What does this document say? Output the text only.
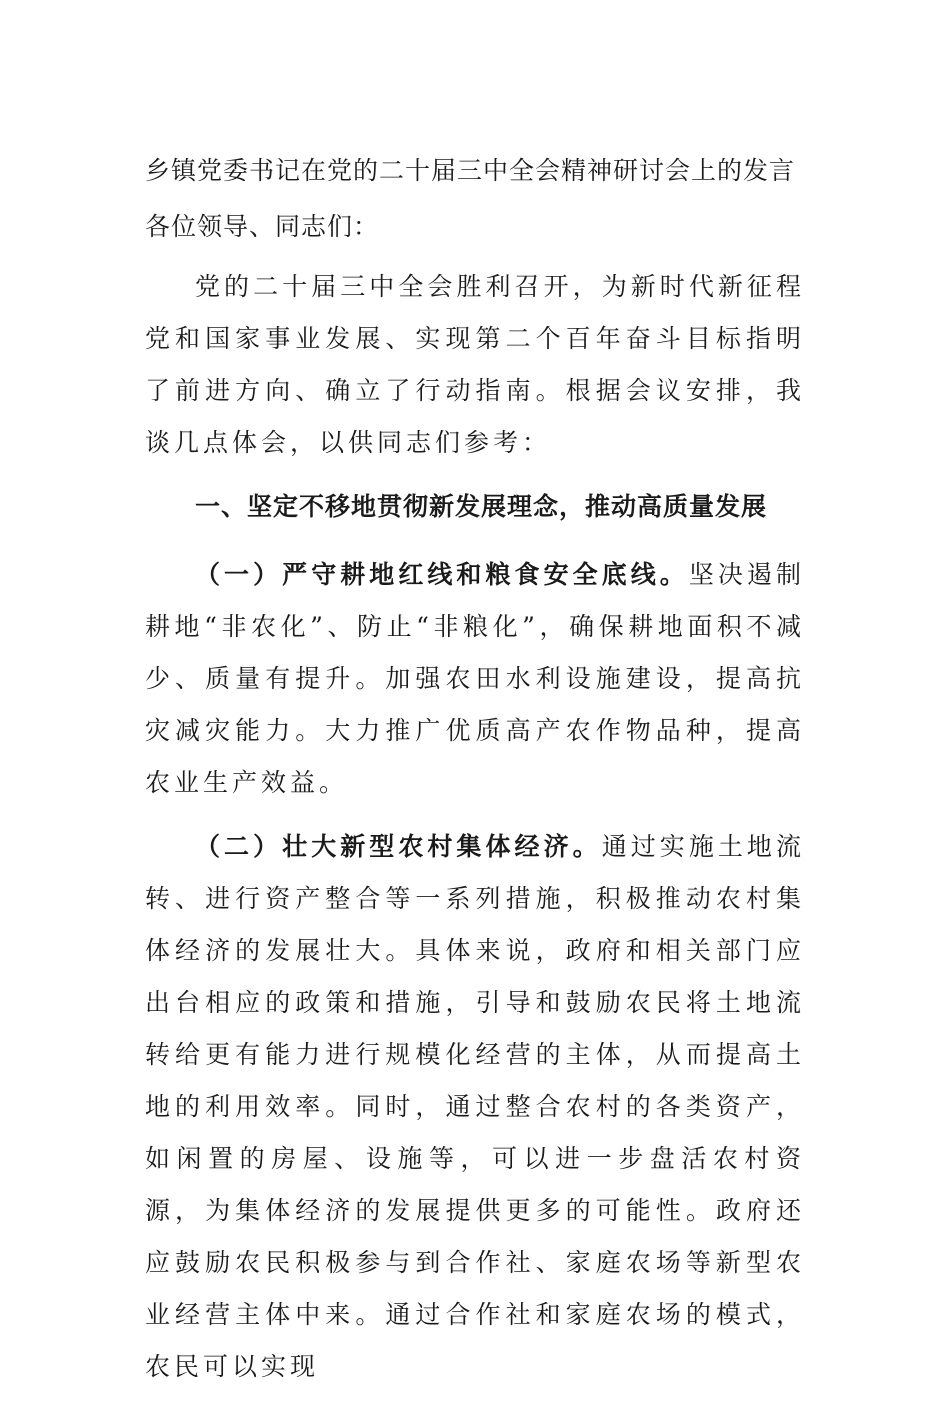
乡镇党委书记在党的二十届三中全会精神研讨会上的发言
各位领导、同志们：

党的二十届三中全会胜利召开，为新时代新征程党和国家事业发展、实现第二个百年奋斗目标指明了前进方向、确立了行动指南。根据会议安排，我谈几点体会，以供同志们参考：

一、坚定不移地贯彻新发展理念，推动高质量发展

（一）严守耕地红线和粮食安全底线。坚决遏制耕地“非农化”、防止“非粮化”，确保耕地面积不减少、质量有提升。加强农田水利设施建设，提高抗灾减灾能力。大力推广优质高产农作物品种，提高农业生产效益。

（二）壮大新型农村集体经济。通过实施土地流转、进行资产整合等一系列措施，积极推动农村集体经济的发展壮大。具体来说，政府和相关部门应出台相应的政策和措施，引导和鼓励农民将土地流转给更有能力进行规模化经营的主体，从而提高土地的利用效率。同时，通过整合农村的各类资产，如闲置的房屋、设施等，可以进一步盘活农村资源，为集体经济的发展提供更多的可能性。政府还应鼓励农民积极参与到合作社、家庭农场等新型农业经营主体中来。通过合作社和家庭农场的模式，农民可以实现
